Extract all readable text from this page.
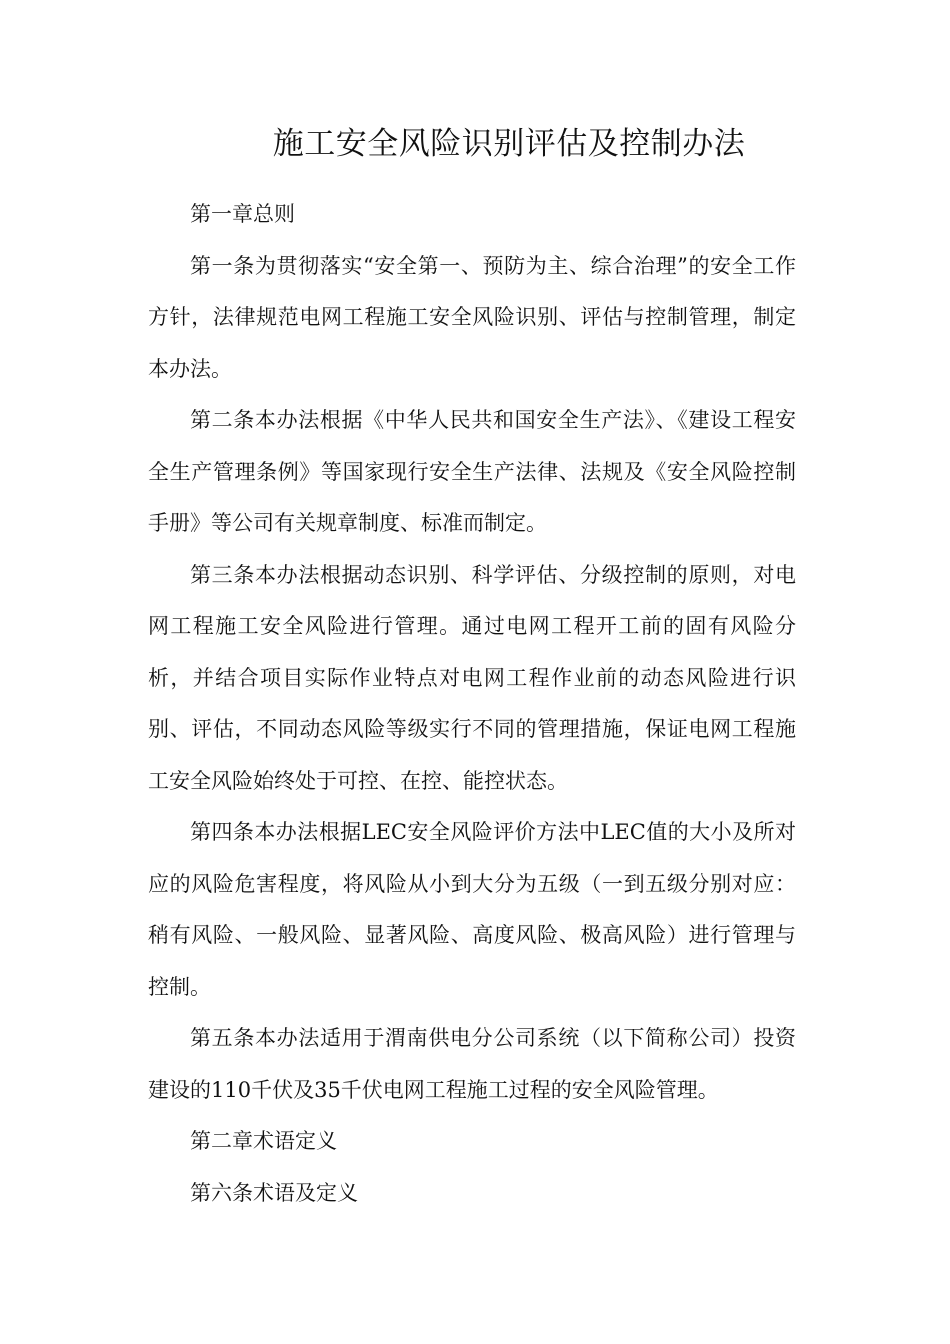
施工安全风险识别评估及控制办法

第一章总则

第一条为贯彻落实“安全第一、预防为主、综合治理”的安全工作方针，法律规范电网工程施工安全风险识别、评估与控制管理，制定本办法。

第二条本办法根据《中华人民共和国安全生产法》、《建设工程安全生产管理条例》等国家现行安全生产法律、法规及《安全风险控制手册》等公司有关规章制度、标准而制定。

第三条本办法根据动态识别、科学评估、分级控制的原则，对电网工程施工安全风险进行管理。通过电网工程开工前的固有风险分析，并结合项目实际作业特点对电网工程作业前的动态风险进行识别、评估，不同动态风险等级实行不同的管理措施，保证电网工程施工安全风险始终处于可控、在控、能控状态。

第四条本办法根据LEC安全风险评价方法中LEC值的大小及所对应的风险危害程度，将风险从小到大分为五级（一到五级分别对应：稍有风险、一般风险、显著风险、高度风险、极高风险）进行管理与控制。

第五条本办法适用于渭南供电分公司系统（以下简称公司）投资建设的110千伏及35千伏电网工程施工过程的安全风险管理。

第二章术语定义

第六条术语及定义
